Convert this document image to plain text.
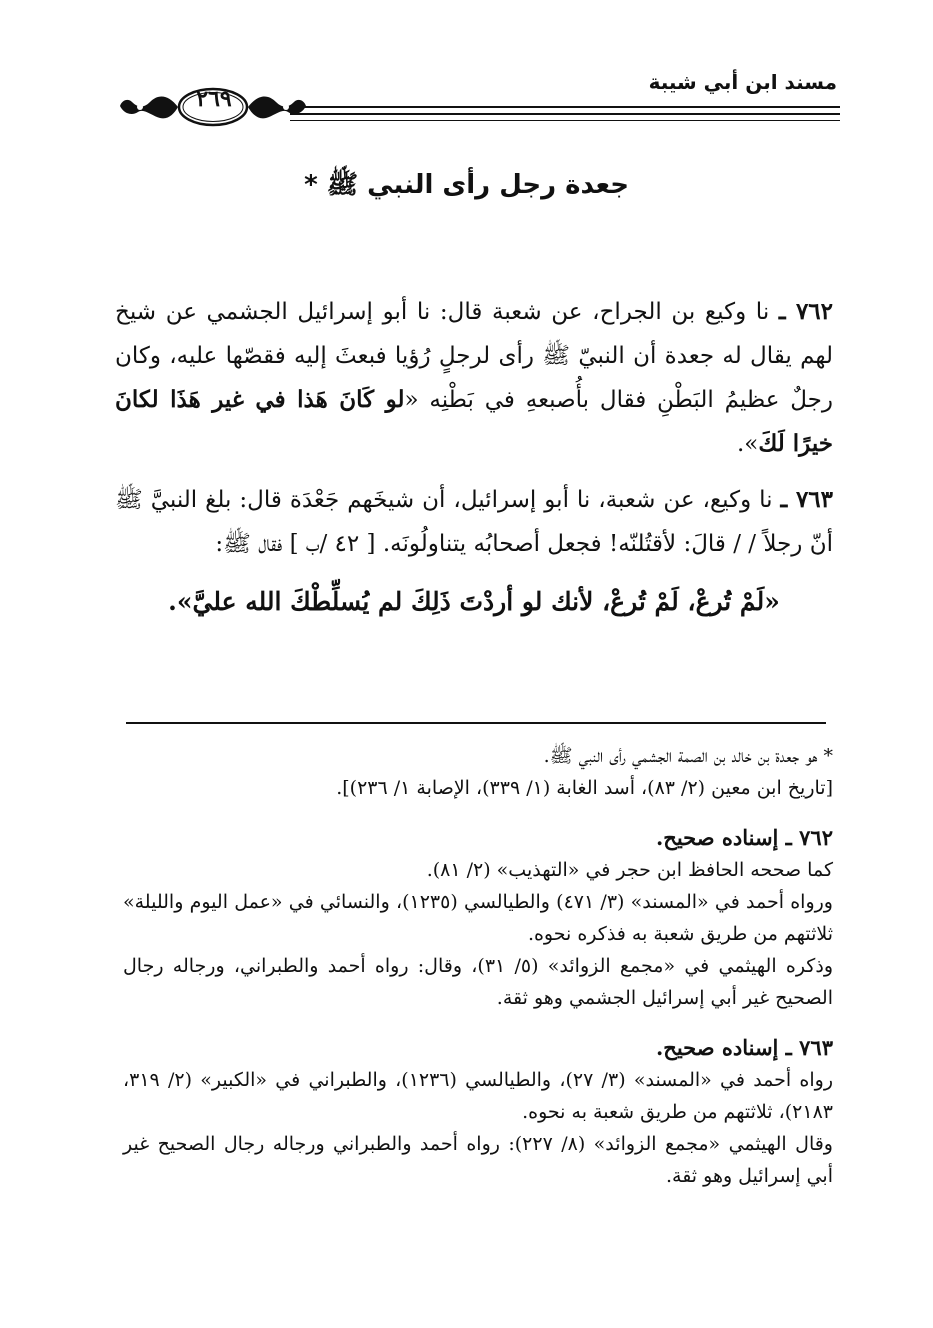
مسند ابن أبي شيبة
٢٦٩
جعدة رجل رأى النبي ﷺ *

٧٦٢ ـ نا وكيع بن الجراح، عن شعبة قال: نا أبو إسرائيل الجشمي عن شيخ لهم يقال له جعدة أن النبيّ ﷺ رأى لرجلٍ رُؤيا فبعثَ إليه فقصّها عليه، وكان رجلٌ عظيمُ البَطْنِ فقال بأُصبعهِ في بَطْنِه «لو كَانَ هَذا في غير هَذَا لكانَ خيرًا لَكَ».

٧٦٣ ـ نا وكيع، عن شعبة، نا أبو إسرائيل، أن شيخَهم جَعْدَة قال: بلغ النبيَّ ﷺ أنّ رجلاً / / قالَ: لأقتُلنّه! فجعل أصحابُه يتناولُونَه. [ ٤٢ /ب ] فقال ﷺ:

«لَمْ تُرعْ، لَمْ تُرعْ، لأنك لو أردْتَ ذَلِكَ لم يُسلِّطْكَ الله عليَّ».

* هو جعدة بن خالد بن الصمة الجشمي رأى النبي ﷺ.

[تاريخ ابن معين (٢/ ٨٣)، أسد الغابة (١/ ٣٣٩)، الإصابة ١/ ٢٣٦)].

٧٦٢ ـ إسناده صحيح.

كما صححه الحافظ ابن حجر في «التهذيب» (٢/ ٨١).

ورواه أحمد في «المسند» (٣/ ٤٧١) والطيالسي (١٢٣٥)، والنسائي في «عمل اليوم والليلة» ثلاثتهم من طريق شعبة به فذكره نحوه.

وذكره الهيثمي في «مجمع الزوائد» (٥/ ٣١)، وقال: رواه أحمد والطبراني، ورجاله رجال الصحيح غير أبي إسرائيل الجشمي وهو ثقة.

٧٦٣ ـ إسناده صحيح.

رواه أحمد في «المسند» (٣/ ٢٧)، والطيالسي (١٢٣٦)، والطبراني في «الكبير» (٢/ ٣١٩، ٢١٨٣)، ثلاثتهم من طريق شعبة به نحوه.

وقال الهيثمي «مجمع الزوائد» (٨/ ٢٢٧): رواه أحمد والطبراني ورجاله رجال الصحيح غير أبي إسرائيل وهو ثقة.
